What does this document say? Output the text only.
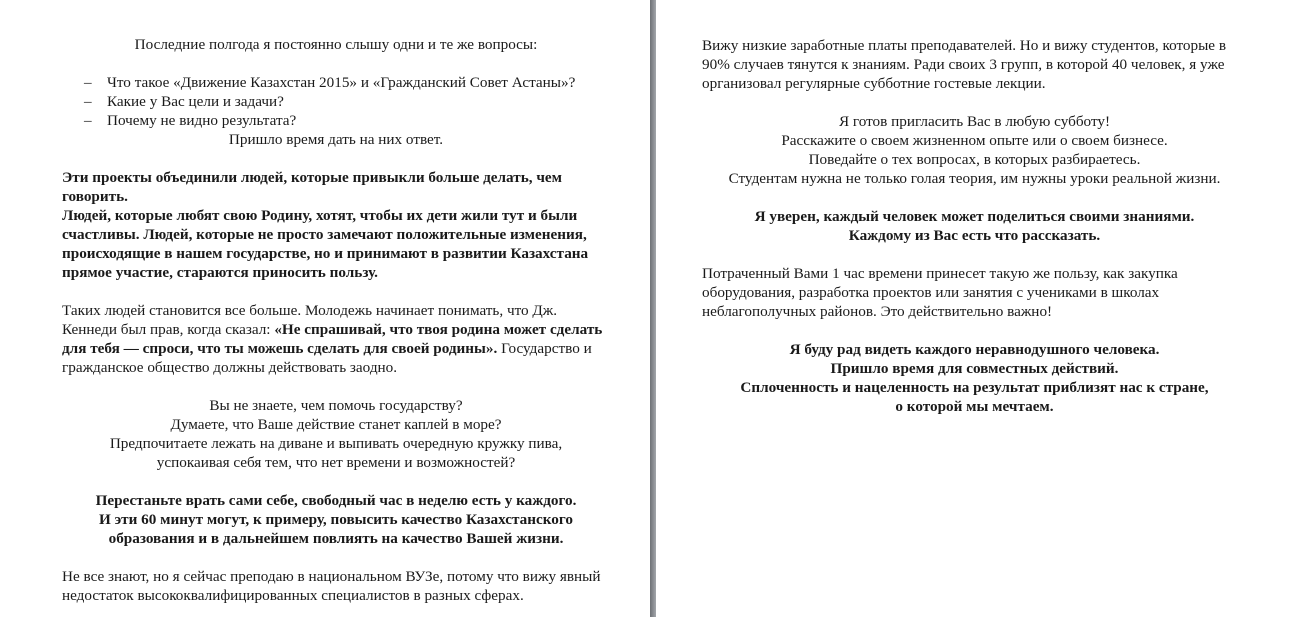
Последние полгода я постоянно слышу одни и те же вопросы:

– Что такое «Движение Казахстан 2015» и «Гражданский Совет Астаны»?
– Какие у Вас цели и задачи?
– Почему не видно результата?

Пришло время дать на них ответ.

Эти проекты объединили людей, которые привыкли больше делать, чем говорить.

Людей, которые любят свою Родину, хотят, чтобы их дети жили тут и были счастливы. Людей, которые не просто замечают положительные изменения, происходящие в нашем государстве, но и принимают в развитии Казахстана прямое участие, стараются приносить пользу.

Таких людей становится все больше. Молодежь начинает понимать, что Дж. Кеннеди был прав, когда сказал: «Не спрашивай, что твоя родина может сделать для тебя — спроси, что ты можешь сделать для своей родины». Государство и гражданское общество должны действовать заодно.

Вы не знаете, чем помочь государству?

Думаете, что Ваше действие станет каплей в море?

Предпочитаете лежать на диване и выпивать очередную кружку пива,

успокаивая себя тем, что нет времени и возможностей?

Перестаньте врать сами себе, свободный час в неделю есть у каждого.

И эти 60 минут могут, к примеру, повысить качество Казахстанского

образования и в дальнейшем повлиять на качество Вашей жизни.

Не все знают, но я сейчас преподаю в национальном ВУЗе, потому что вижу явный недостаток высококвалифицированных специалистов в разных сферах.

Вижу низкие заработные платы преподавателей. Но и вижу студентов, которые в 90% случаев тянутся к знаниям. Ради своих 3 групп, в которой 40 человек, я уже организовал регулярные субботние гостевые лекции.

Я готов пригласить Вас в любую субботу!

Расскажите о своем жизненном опыте или о своем бизнесе.

Поведайте о тех вопросах, в которых разбираетесь.

Студентам нужна не только голая теория, им нужны уроки реальной жизни.

Я уверен, каждый человек может поделиться своими знаниями.

Каждому из Вас есть что рассказать.

Потраченный Вами 1 час времени принесет такую же пользу, как закупка оборудования, разработка проектов или занятия с учениками в школах неблагополучных районов. Это действительно важно!

Я буду рад видеть каждого неравнодушного человека.

Пришло время для совместных действий.

Сплоченность и нацеленность на результат приблизят нас к стране,

о которой мы мечтаем.
